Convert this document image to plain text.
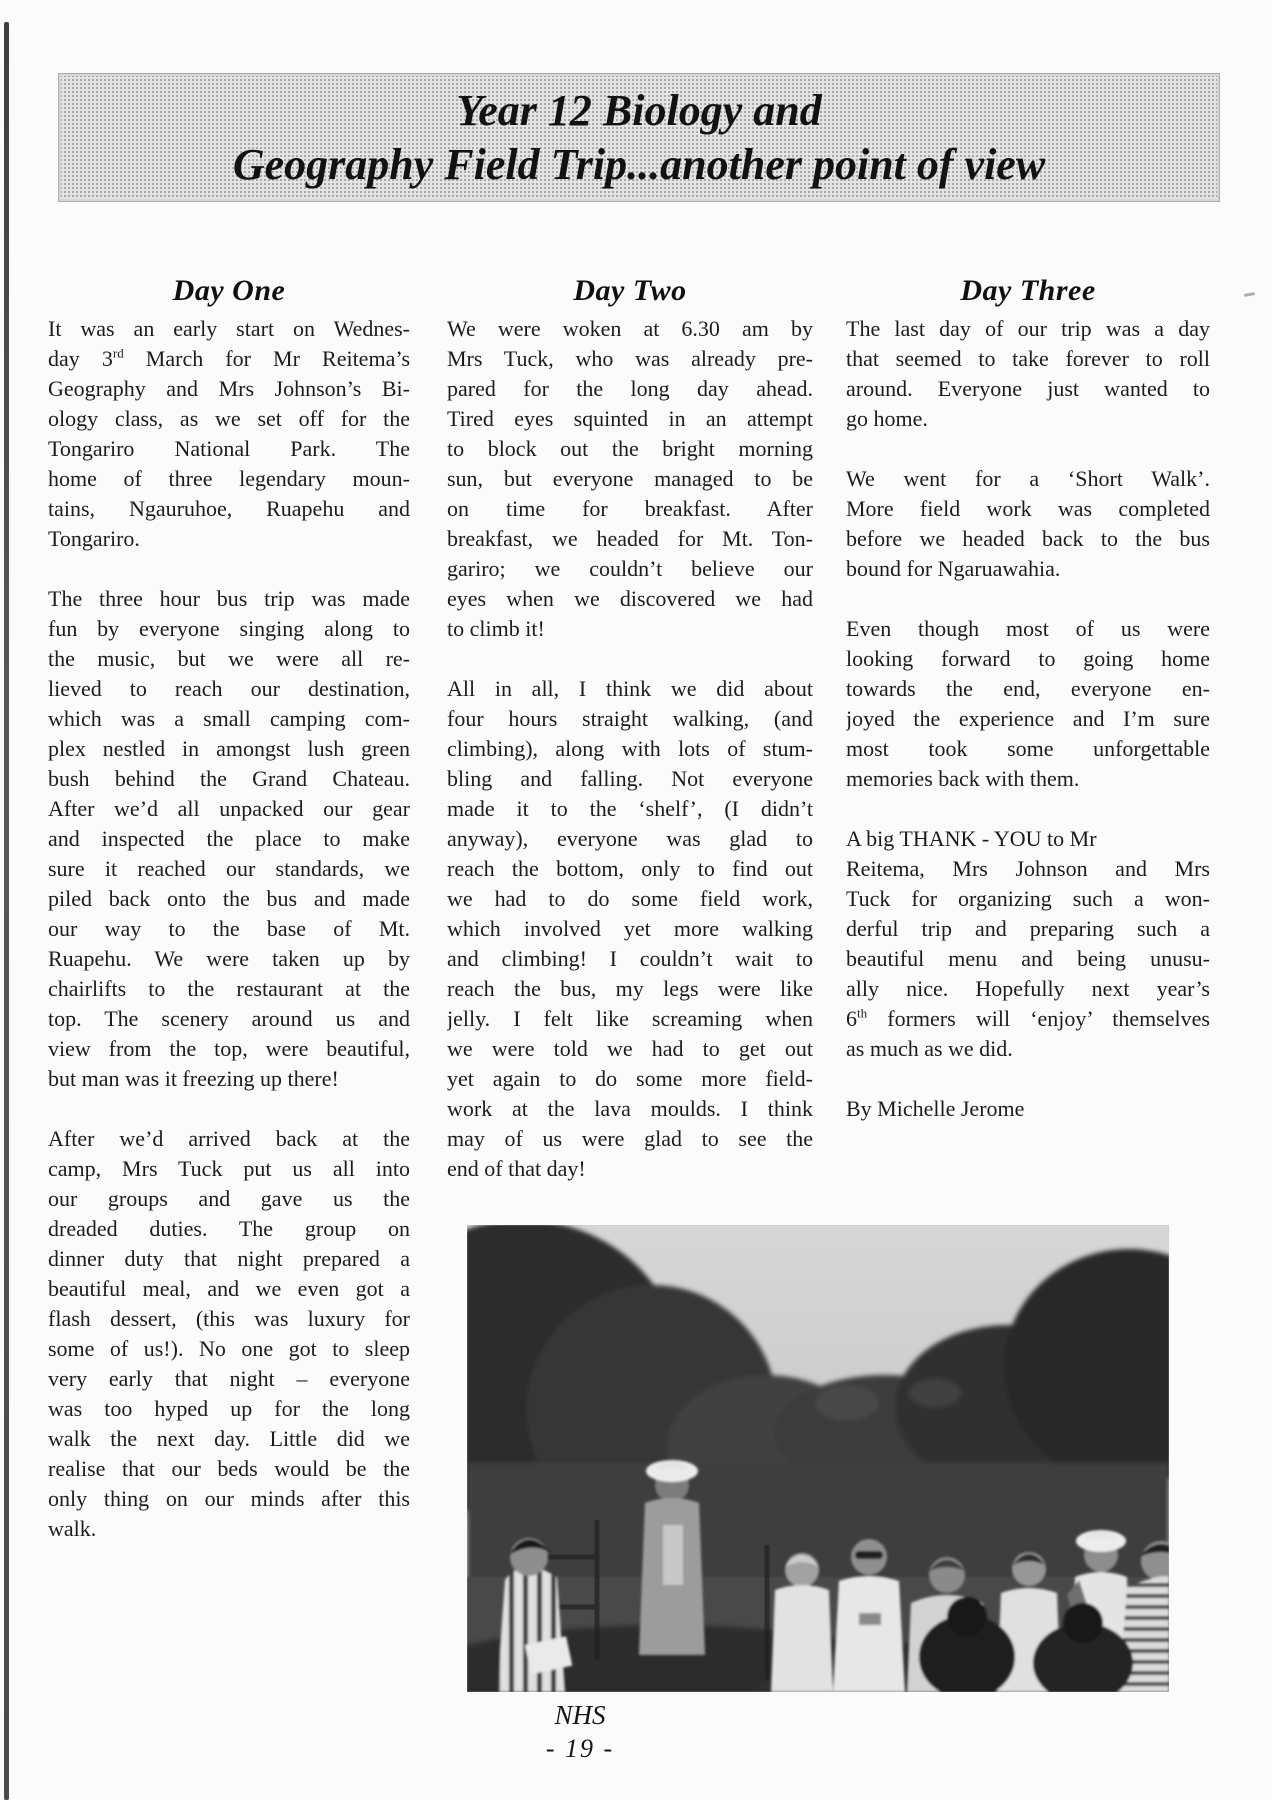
Year 12 Biology and
Geography Field Trip...another point of view
Day One
It was an early start on Wednes-
day 3rd March for Mr Reitema’s
Geography and Mrs Johnson’s Bi-
ology class, as we set off for the
Tongariro National Park. The
home of three legendary moun-
tains, Ngauruhoe, Ruapehu and
Tongariro.
The three hour bus trip was made
fun by everyone singing along to
the music, but we were all re-
lieved to reach our destination,
which was a small camping com-
plex nestled in amongst lush green
bush behind the Grand Chateau.
After we’d all unpacked our gear
and inspected the place to make
sure it reached our standards, we
piled back onto the bus and made
our way to the base of Mt.
Ruapehu. We were taken up by
chairlifts to the restaurant at the
top. The scenery around us and
view from the top, were beautiful,
but man was it freezing up there!
After we’d arrived back at the
camp, Mrs Tuck put us all into
our groups and gave us the
dreaded duties. The group on
dinner duty that night prepared a
beautiful meal, and we even got a
flash dessert, (this was luxury for
some of us!). No one got to sleep
very early that night – everyone
was too hyped up for the long
walk the next day. Little did we
realise that our beds would be the
only thing on our minds after this
walk.
Day Two
We were woken at 6.30 am by
Mrs Tuck, who was already pre-
pared for the long day ahead.
Tired eyes squinted in an attempt
to block out the bright morning
sun, but everyone managed to be
on time for breakfast. After
breakfast, we headed for Mt. Ton-
gariro; we couldn’t believe our
eyes when we discovered we had
to climb it!
All in all, I think we did about
four hours straight walking, (and
climbing), along with lots of stum-
bling and falling. Not everyone
made it to the ‘shelf’, (I didn’t
anyway), everyone was glad to
reach the bottom, only to find out
we had to do some field work,
which involved yet more walking
and climbing! I couldn’t wait to
reach the bus, my legs were like
jelly. I felt like screaming when
we were told we had to get out
yet again to do some more field-
work at the lava moulds. I think
may of us were glad to see the
end of that day!
Day Three
The last day of our trip was a day
that seemed to take forever to roll
around. Everyone just wanted to
go home.
We went for a ‘Short Walk’.
More field work was completed
before we headed back to the bus
bound for Ngaruawahia.
Even though most of us were
looking forward to going home
towards the end, everyone en-
joyed the experience and I’m sure
most took some unforgettable
memories back with them.
A big THANK - YOU to Mr
Reitema, Mrs Johnson and Mrs
Tuck for organizing such a won-
derful trip and preparing such a
beautiful menu and being unusu-
ally nice. Hopefully next year’s
6th formers will ‘enjoy’ themselves
as much as we did.
By Michelle Jerome
NHS
- 19 -
